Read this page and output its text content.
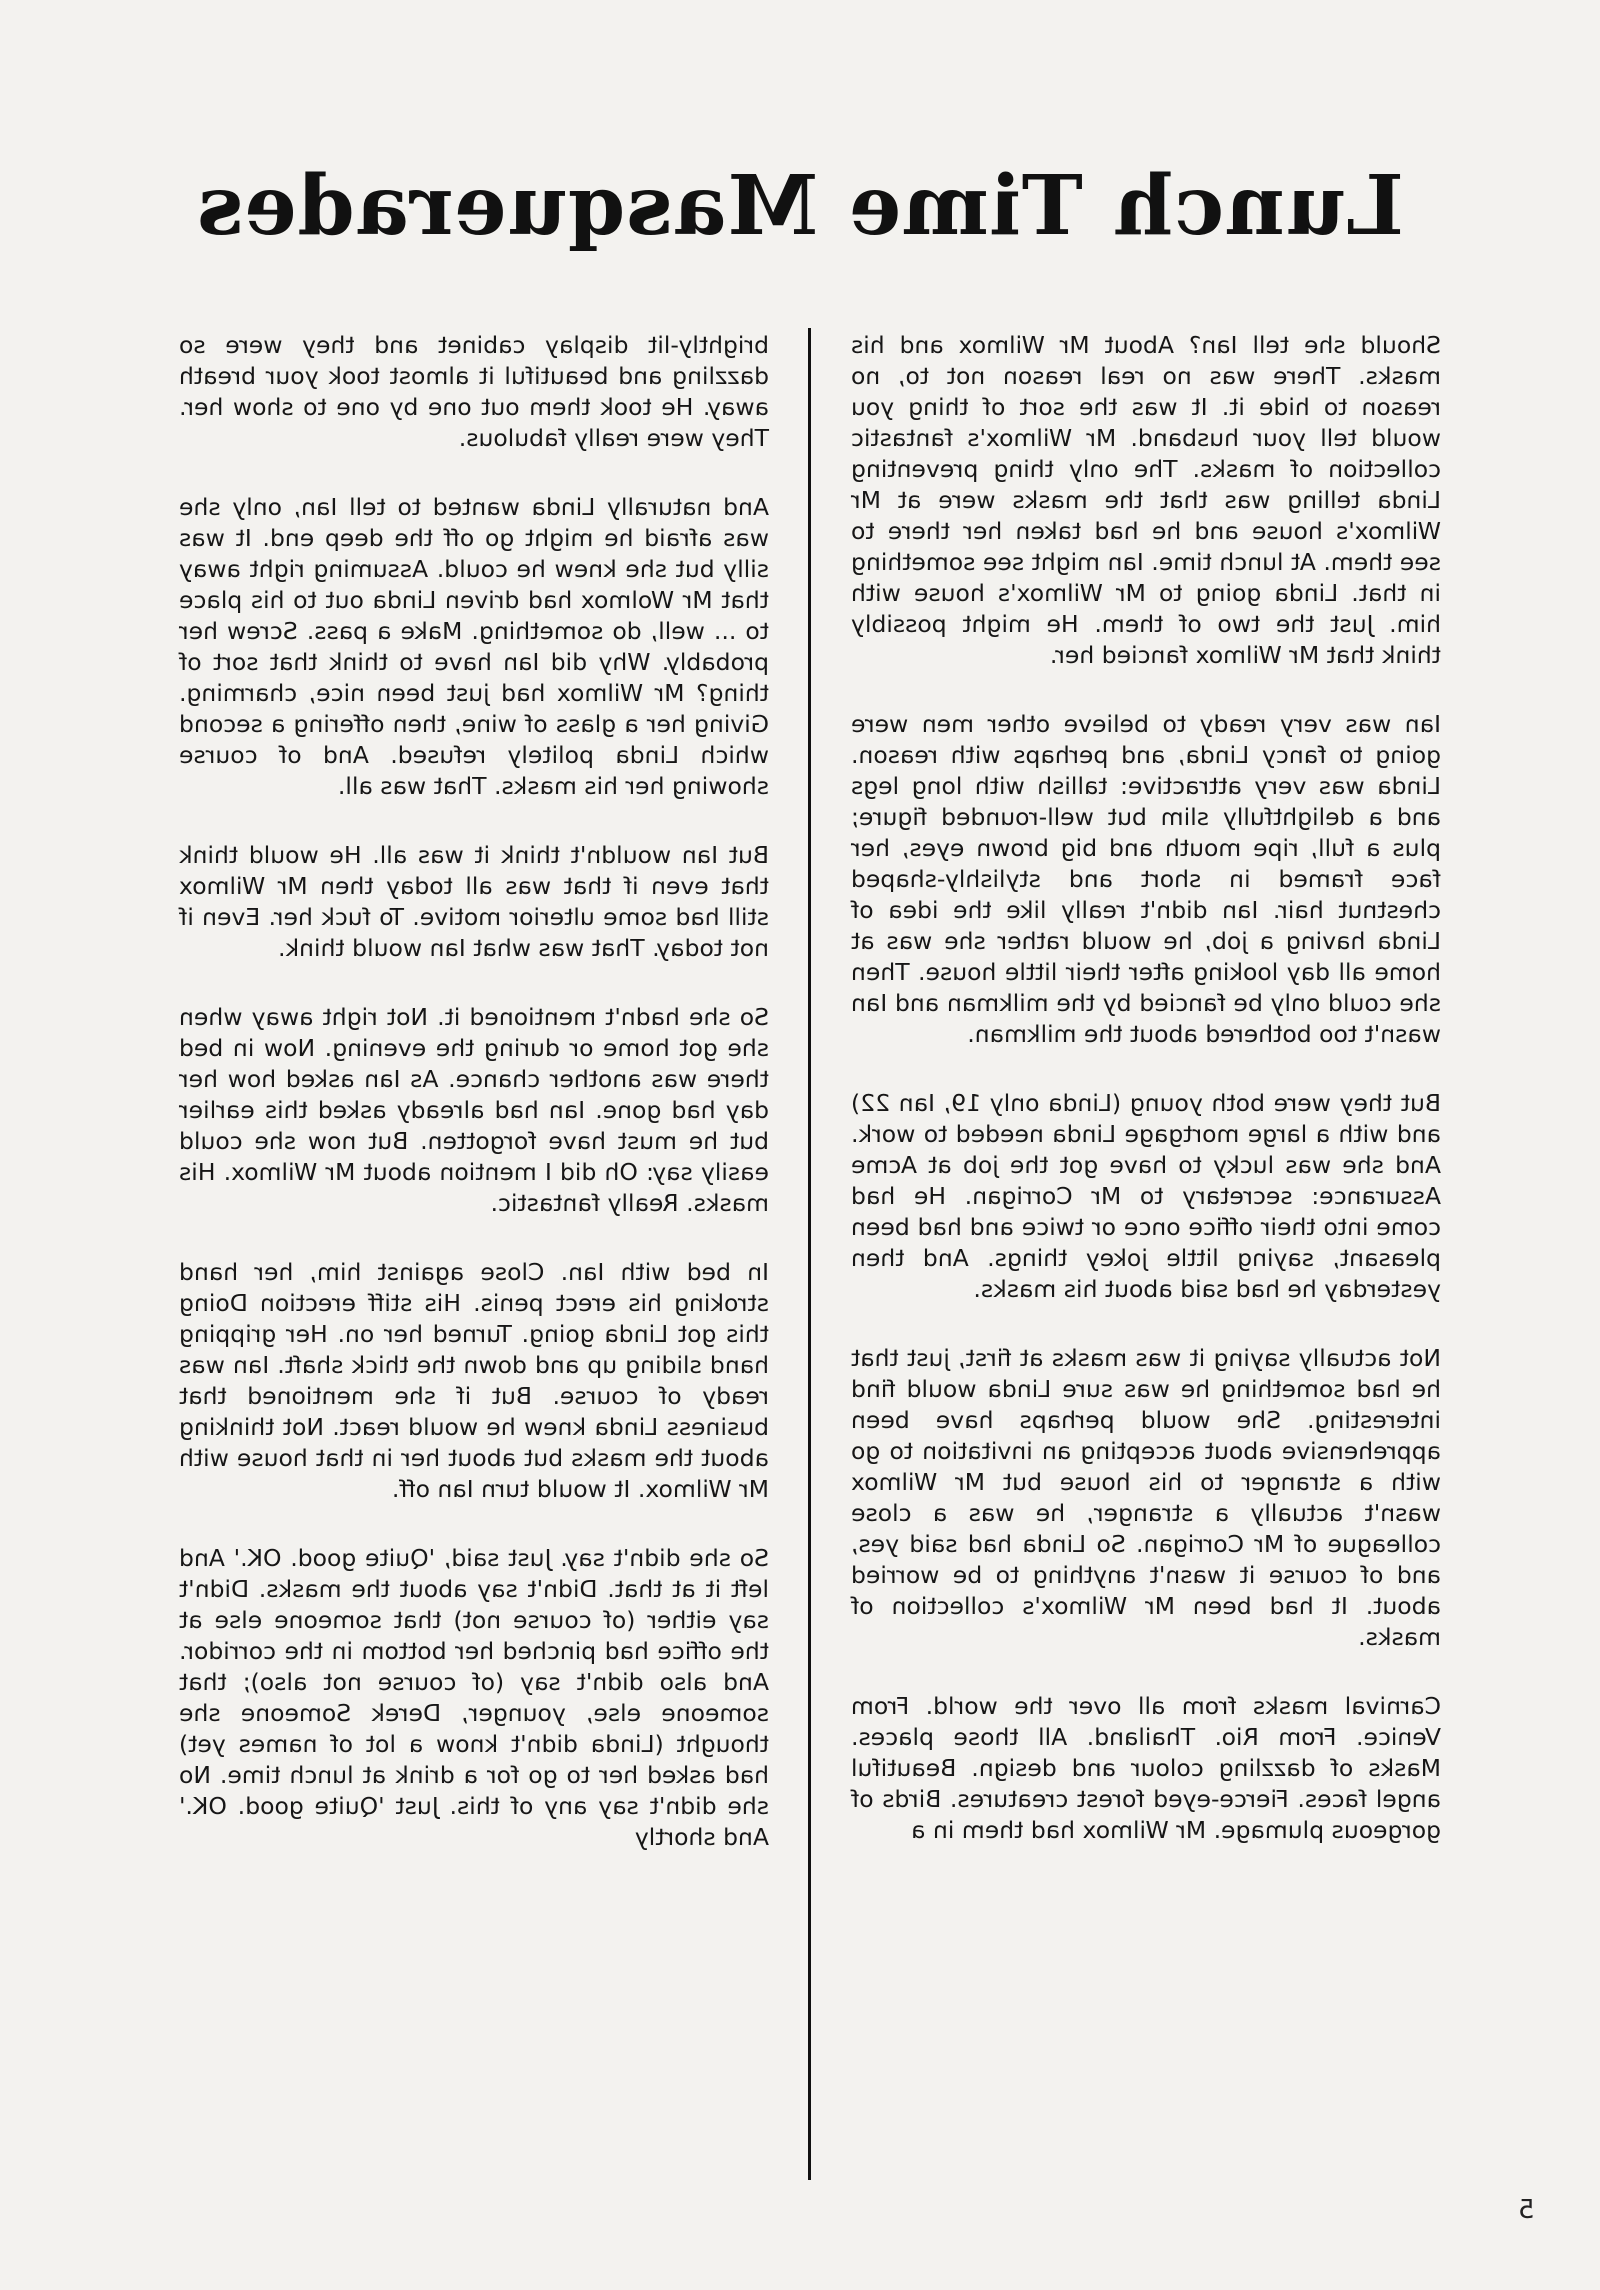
Lunch Time Masquerades

Should she tell Ian? About Mr Wilmox and his masks. There was no real reason not to, no reason to hide it. It was the sort of thing you would tell your husband. Mr Wilmox's fantastic collection of masks. The only thing preventing Linda telling was that the masks were at Mr Wilmox's house and he had taken her there to see them. At lunch time. Ian might see something in that. Linda going to Mr Wilmox's house with him. Just the two of them. He might possibly think that Mr Wilmox fancied her.

Ian was very ready to believe other men were going to fancy Linda, and perhaps with reason. Linda was very attractive: tallish with long legs and a delightfully slim but well-rounded figure; plus a full, ripe mouth and big brown eyes, her face framed in short and stylishly-shaped chestnut hair. Ian didn't really like the idea of Linda having a job, he would rather she was at home all day looking after their little house. Then she could only be fancied by the milkman and Ian wasn't too bothered about the milkman.

But they were both young (Linda only 19, Ian 22) and with a large mortgage Linda needed to work. And she was lucky to have got the job at Acme Assurance: secretary to Mr Corrigan. He had come into their office once or twice and had been pleasant, saying little jokey things. And then yesterday he had said about his masks.

Not actually saying it was masks at first, just that he had something he was sure Linda would find interesting. She would perhaps have been apprehensive about accepting an invitation to go with a stranger to his house but Mr Wilmox wasn't actually a stranger, he was a close colleague of Mr Corrigan. So Linda had said yes, and of course it wasn't anything to be worried about. It had been Mr Wilmox's collection of masks.

Carnival masks from all over the world. From Venice. From Rio. Thailand. All those places. Masks of dazzling colour and design. Beautiful angel faces. Fierce-eyed forest creatures. Birds of gorgeous plumage. Mr Wilmox had them in a

brightly-lit display cabinet and they were so dazzling and beautiful it almost took your breath away. He took them out one by one to show her. They were really fabulous.

And naturally Linda wanted to tell Ian, only she was afraid he might go off the deep end. It was silly but she knew he could. Assuming right away that Mr Wolmox had driven Linda out to his place to ... well, do something. Make a pass. Screw her probably. Why did Ian have to think that sort of thing? Mr Wilmox had just been nice, charming. Giving her a glass of wine, then offering a second which Linda politely refused. And of course showing her his masks. That was all.

But Ian wouldn't think it was all. He would think that even if that was all today then Mr Wilmox still had some ulterior motive. To fuck her. Even if not today. That was what Ian would think.

So she hadn't mentioned it. Not right away when she got home or during the evening. Now in bed there was another chance. As Ian asked how her day had gone. Ian had already asked this earlier but he must have forgotten. But now she could easily say: Oh did I mention about Mr Wilmox. His masks. Really fantastic.

In bed with Ian. Close against him, her hand stroking his erect penis. His stiff erection Doing this got Linda going. Turned her on. Her gripping hand sliding up and down the thick shaft. Ian was ready of course. But if she mentioned that business Linda knew he would react. Not thinking about the masks but about her in that house with Mr Wilmox. It would turn Ian off.

So she didn't say. Just said, 'Quite good. OK.' And left it at that. Didn't say about the masks. Didn't say either (of course not) that someone else at the office had pinched her bottom in the corridor. And also didn't say (of course not also); that someone else, younger, Derek Someone she thought (Linda didn't know a lot of names yet) had asked her to go for a drink at lunch time. No she didn't say any of this. Just 'Quite good. OK.' And shortly

5
